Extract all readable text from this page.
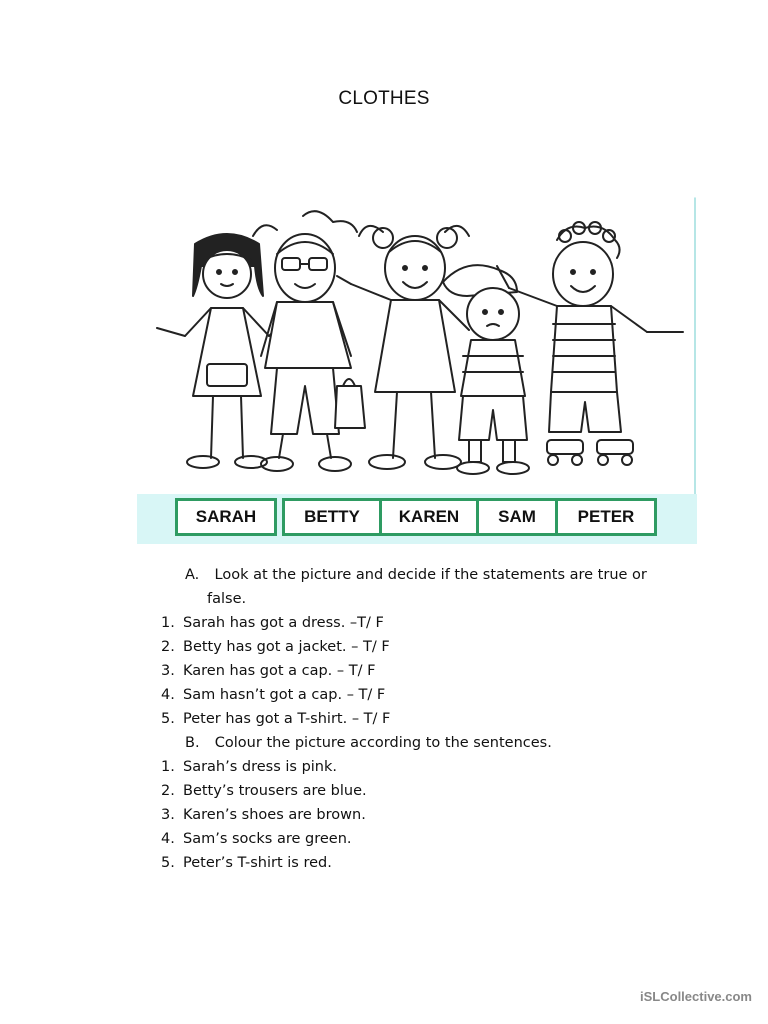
CLOTHES
SARAH	BETTY	KAREN	SAM	PETER
A. Look at the picture and decide if the statements are true or
false.
1. Sarah has got a dress. –T/ F
2. Betty has got a jacket. – T/ F
3. Karen has got a cap. – T/ F
4. Sam hasn’t got a cap. – T/ F
5. Peter has got a T-shirt. – T/ F
B. Colour the picture according to the sentences.
1. Sarah’s dress is pink.
2. Betty’s trousers are blue.
3. Karen’s shoes are brown.
4. Sam’s socks are green.
5. Peter’s T-shirt is red.
iSLCollective.com
